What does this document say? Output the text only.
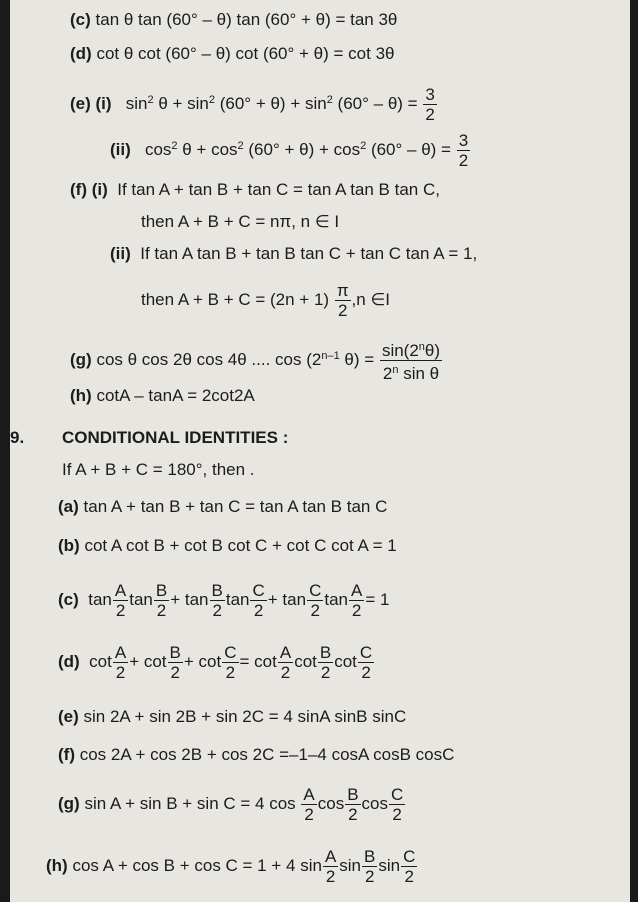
(c) tan θ tan (60° – θ) tan (60° + θ) = tan 3θ
(d) cot θ cot (60° – θ) cot (60° + θ) = cot 3θ
(e) (i)   $\sin^2 \theta + \sin^2 (60^\circ + \theta) + \sin^2 (60^\circ - \theta) = \frac{3}{2}$
(ii)   $\cos^2 \theta + \cos^2 (60^\circ + \theta) + \cos^2 (60^\circ - \theta) = \frac{3}{2}$
(f) (i) If tan A + tan B + tan C = tan A tan B tan C,
then A + B + C = nπ, n ∈ I
(ii) If tan A tan B + tan B tan C + tan C tan A = 1,
then $A + B + C = (2n + 1) \frac{\pi}{2} ,n$ ∈I
(g) cos θ cos 2θ cos 4θ .... cos (2$^{n-1}$ $\theta) = \frac{\sin(2^n\theta)}{2^n \sin \theta}$
(h) cotA – tanA = 2cot2A
9. CONDITIONAL IDENTITIES :
If A + B + C = 180°, then .
(a) tan A + tan B + tan C = tan A tan B tan C
(b) cot A cot B + cot B cot C + cot C cot A = 1
(c)  $\tan \frac{A}{2}$ $\tan \frac{B}{2} + \tan \frac{B}{2}$ $\tan \frac{C}{2} + \tan \frac{C}{2}$ $\tan \frac{A}{2} = 1$
(d)  $\cot \frac{A}{2} + \cot \frac{B}{2} + \cot \frac{C}{2} = \cot \frac{A}{2}$ $\cot \frac{B}{2}$ $\cot \frac{C}{2}$
(e) sin 2A + sin 2B + sin 2C = 4 sinA sinB sinC
(f) cos 2A + cos 2B + cos 2C =–1–4 cosA cosB cosC
(g) sin A + sin B + sin C = 4 $\cos \frac{A}{2}$ $\cos \frac{B}{2}$ $\cos \frac{C}{2}$
(h) cos A + cos B + cos C = 1 + 4 $\sin \frac{A}{2}$ $\sin \frac{B}{2}$ $\sin \frac{C}{2}$
